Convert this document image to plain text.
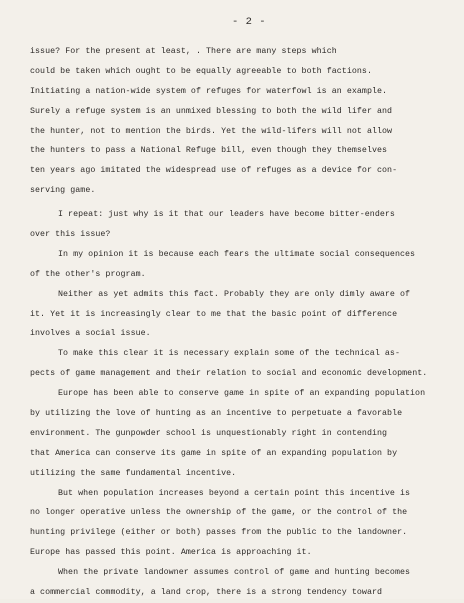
- 2 -
issue? For the present at least, . There are many steps which
could be taken which ought to be equally agreeable to both factions.
Initiating a nation-wide system of refuges for waterfowl is an example.
Surely a refuge system is an unmixed blessing to both the wild lifer and
the hunter, not to mention the birds. Yet the wild-lifers will not allow
the hunters to pass a National Refuge bill, even though they themselves
ten years ago imitated the widespread use of refuges as a device for con-
serving game.
I repeat: just why is it that our leaders have become bitter-enders
over this issue?
In my opinion it is because each fears the ultimate social consequences
of the other's program.
Neither as yet admits this fact. Probably they are only dimly aware of
it. Yet it is increasingly clear to me that the basic point of difference
involves a social issue.
To make this clear it is necessary explain some of the technical as-
pects of game management and their relation to social and economic development.
Europe has been able to conserve game in spite of an expanding population
by utilizing the love of hunting as an incentive to perpetuate a favorable
environment. The gunpowder school is unquestionably right in contending
that America can conserve its game in spite of an expanding population by
utilizing the same fundamental incentive.
But when population increases beyond a certain point this incentive is
no longer operative unless the ownership of the game, or the control of the
hunting privilege (either or both) passes from the public to the landowner.
Europe has passed this point. America is approaching it.
When the private landowner assumes control of game and hunting becomes
a commercial commodity, a land crop, there is a strong tendency toward
